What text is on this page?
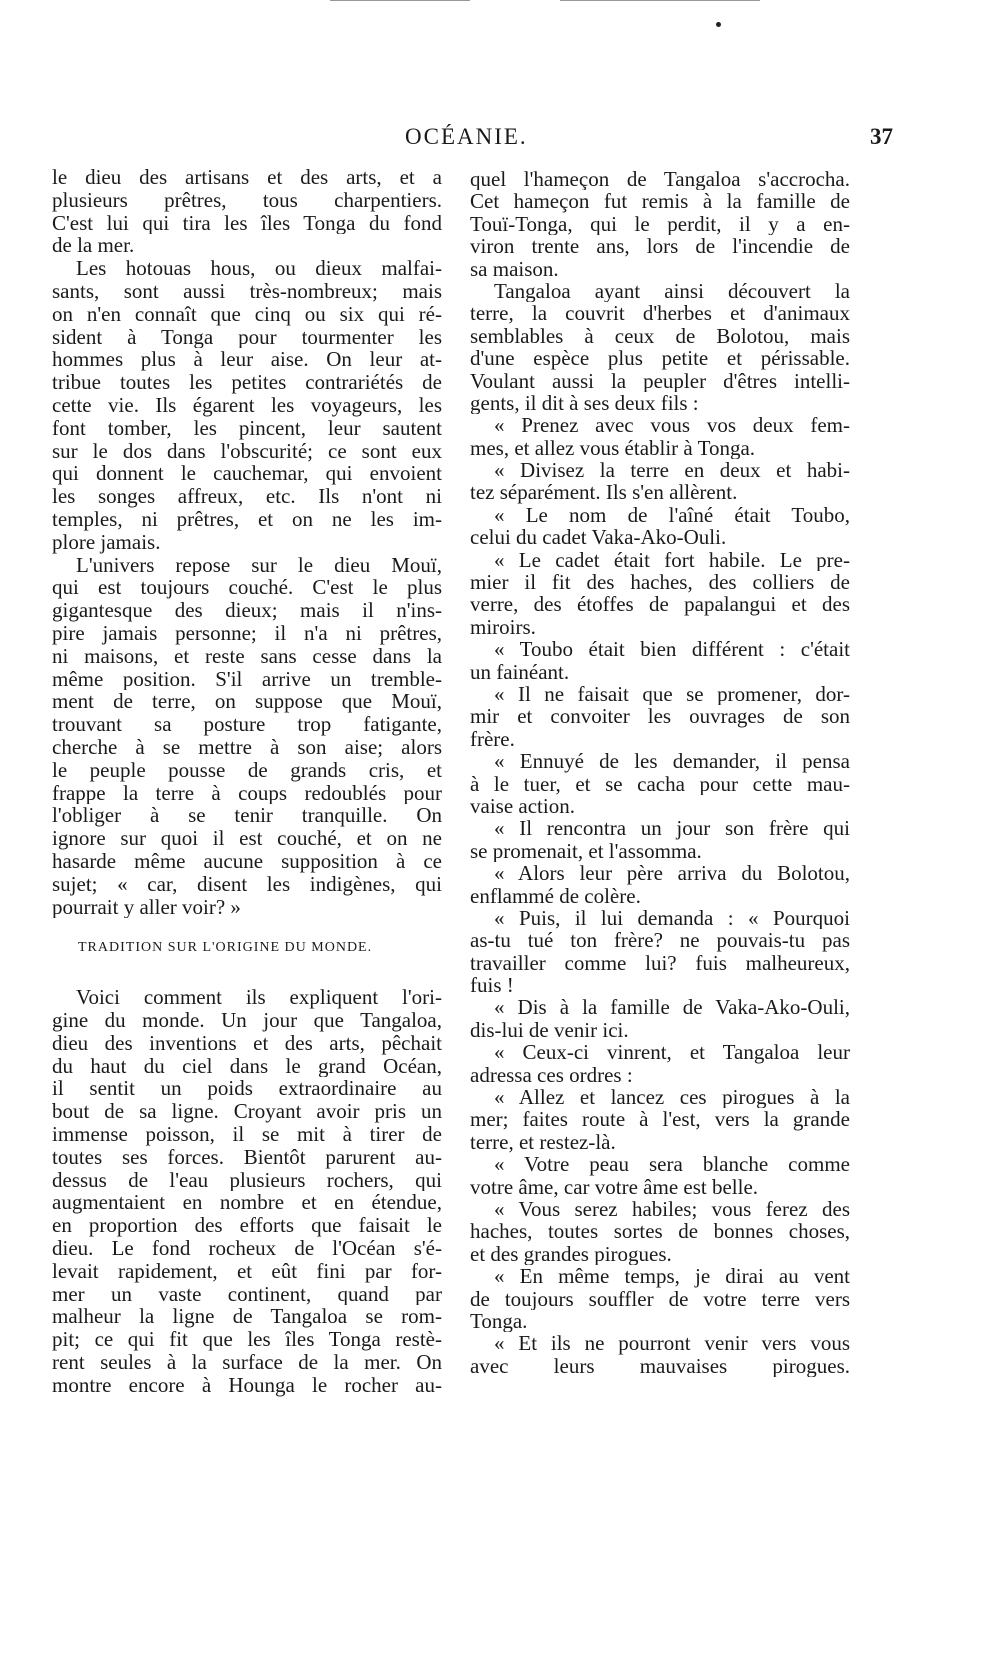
OCÉANIE.	37
le dieu des artisans et des arts, et a
plusieurs prêtres, tous charpentiers.
C'est lui qui tira les îles Tonga du fond
de la mer.
Les hotouas hous, ou dieux malfai-
sants, sont aussi très-nombreux; mais
on n'en connaît que cinq ou six qui ré-
sident à Tonga pour tourmenter les
hommes plus à leur aise. On leur at-
tribue toutes les petites contrariétés de
cette vie. Ils égarent les voyageurs, les
font tomber, les pincent, leur sautent
sur le dos dans l'obscurité; ce sont eux
qui donnent le cauchemar, qui envoient
les songes affreux, etc. Ils n'ont ni
temples, ni prêtres, et on ne les im-
plore jamais.
L'univers repose sur le dieu Mouï,
qui est toujours couché. C'est le plus
gigantesque des dieux; mais il n'ins-
pire jamais personne; il n'a ni prêtres,
ni maisons, et reste sans cesse dans la
même position. S'il arrive un tremble-
ment de terre, on suppose que Mouï,
trouvant sa posture trop fatigante,
cherche à se mettre à son aise; alors
le peuple pousse de grands cris, et
frappe la terre à coups redoublés pour
l'obliger à se tenir tranquille. On
ignore sur quoi il est couché, et on ne
hasarde même aucune supposition à ce
sujet; « car, disent les indigènes, qui
pourrait y aller voir? »
TRADITION SUR L'ORIGINE DU MONDE.
Voici comment ils expliquent l'ori-
gine du monde. Un jour que Tangaloa,
dieu des inventions et des arts, pêchait
du haut du ciel dans le grand Océan,
il sentit un poids extraordinaire au
bout de sa ligne. Croyant avoir pris un
immense poisson, il se mit à tirer de
toutes ses forces. Bientôt parurent au-
dessus de l'eau plusieurs rochers, qui
augmentaient en nombre et en étendue,
en proportion des efforts que faisait le
dieu. Le fond rocheux de l'Océan s'é-
levait rapidement, et eût fini par for-
mer un vaste continent, quand par
malheur la ligne de Tangaloa se rom-
pit; ce qui fit que les îles Tonga restè-
rent seules à la surface de la mer. On
montre encore à Hounga le rocher au-
quel l'hameçon de Tangaloa s'accrocha.
Cet hameçon fut remis à la famille de
Touï-Tonga, qui le perdit, il y a en-
viron trente ans, lors de l'incendie de
sa maison.
Tangaloa ayant ainsi découvert la
terre, la couvrit d'herbes et d'animaux
semblables à ceux de Bolotou, mais
d'une espèce plus petite et périssable.
Voulant aussi la peupler d'êtres intelli-
gents, il dit à ses deux fils :
« Prenez avec vous vos deux fem-
mes, et allez vous établir à Tonga.
« Divisez la terre en deux et habi-
tez séparément. Ils s'en allèrent.
« Le nom de l'aîné était Toubo,
celui du cadet Vaka-Ako-Ouli.
« Le cadet était fort habile. Le pre-
mier il fit des haches, des colliers de
verre, des étoffes de papalangui et des
miroirs.
« Toubo était bien différent : c'était
un fainéant.
« Il ne faisait que se promener, dor-
mir et convoiter les ouvrages de son
frère.
« Ennuyé de les demander, il pensa
à le tuer, et se cacha pour cette mau-
vaise action.
« Il rencontra un jour son frère qui
se promenait, et l'assomma.
« Alors leur père arriva du Bolotou,
enflammé de colère.
« Puis, il lui demanda : « Pourquoi
as-tu tué ton frère? ne pouvais-tu pas
travailler comme lui? fuis malheureux,
fuis !
« Dis à la famille de Vaka-Ako-Ouli,
dis-lui de venir ici.
« Ceux-ci vinrent, et Tangaloa leur
adressa ces ordres :
« Allez et lancez ces pirogues à la
mer; faites route à l'est, vers la grande
terre, et restez-là.
« Votre peau sera blanche comme
votre âme, car votre âme est belle.
« Vous serez habiles; vous ferez des
haches, toutes sortes de bonnes choses,
et des grandes pirogues.
« En même temps, je dirai au vent
de toujours souffler de votre terre vers
Tonga.
« Et ils ne pourront venir vers vous
avec leurs mauvaises pirogues.
